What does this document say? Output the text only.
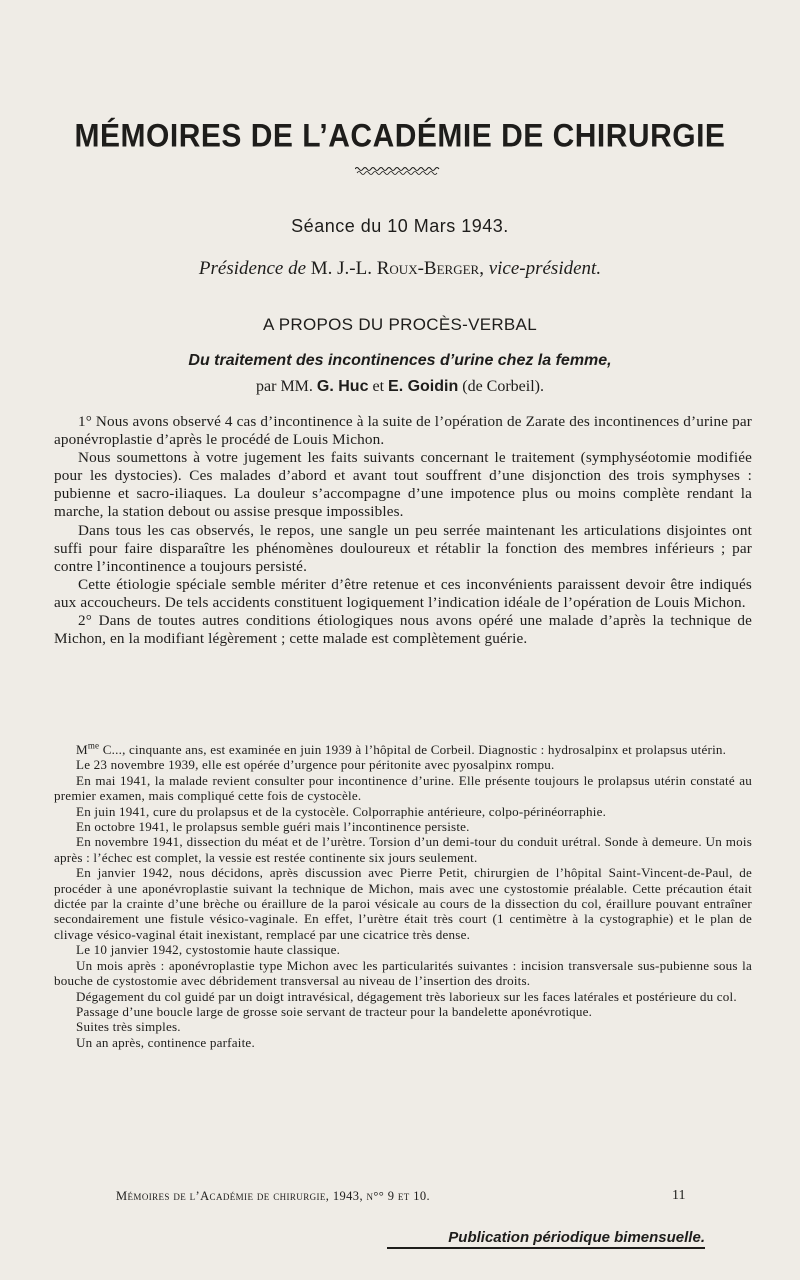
MÉMOIRES DE L’ACADÉMIE DE CHIRURGIE
Séance du 10 Mars 1943.
Présidence de M. J.-L. Roux-Berger, vice-président.
A PROPOS DU PROCÈS-VERBAL
Du traitement des incontinences d’urine chez la femme,
par MM. G. Huc et E. Goidin (de Corbeil).

1° Nous avons observé 4 cas d’incontinence à la suite de l’opération de Zarate des incontinences d’urine par aponévroplastie d’après le procédé de Louis Michon.

Nous soumettons à votre jugement les faits suivants concernant le traitement (symphyséotomie modifiée pour les dystocies). Ces malades d’abord et avant tout souffrent d’une disjonction des trois symphyses : pubienne et sacro-iliaques. La douleur s’accompagne d’une impotence plus ou moins complète rendant la marche, la station debout ou assise presque impossibles.

Dans tous les cas observés, le repos, une sangle un peu serrée maintenant les articulations disjointes ont suffi pour faire disparaître les phénomènes douloureux et rétablir la fonction des membres inférieurs ; par contre l’incontinence a toujours persisté.

Cette étiologie spéciale semble mériter d’être retenue et ces inconvénients paraissent devoir être indiqués aux accoucheurs. De tels accidents constituent logiquement l’indication idéale de l’opération de Louis Michon.

2° Dans de toutes autres conditions étiologiques nous avons opéré une malade d’après la technique de Michon, en la modifiant légèrement ; cette malade est complètement guérie.

$M^{me}$ C..., cinquante ans, est examinée en juin 1939 à l’hôpital de Corbeil. Diagnostic : hydrosalpinx et prolapsus utérin.

Le 23 novembre 1939, elle est opérée d’urgence pour péritonite avec pyosalpinx rompu.

En mai 1941, la malade revient consulter pour incontinence d’urine. Elle présente toujours le prolapsus utérin constaté au premier examen, mais compliqué cette fois de cystocèle.

En juin 1941, cure du prolapsus et de la cystocèle. Colporraphie antérieure, colpo-périnéorraphie.

En octobre 1941, le prolapsus semble guéri mais l’incontinence persiste.

En novembre 1941, dissection du méat et de l’urètre. Torsion d’un demi-tour du conduit urétral. Sonde à demeure. Un mois après : l’échec est complet, la vessie est restée continente six jours seulement.

En janvier 1942, nous décidons, après discussion avec Pierre Petit, chirurgien de l’hôpital Saint-Vincent-de-Paul, de procéder à une aponévroplastie suivant la technique de Michon, mais avec une cystostomie préalable. Cette précaution était dictée par la crainte d’une brèche ou éraillure de la paroi vésicale au cours de la dissection du col, éraillure pouvant entraîner secondairement une fistule vésico-vaginale. En effet, l’urètre était très court (1 centimètre à la cystographie) et le plan de clivage vésico-vaginal était inexistant, remplacé par une cicatrice très dense.

Le 10 janvier 1942, cystostomie haute classique.

Un mois après : aponévroplastie type Michon avec les particularités suivantes : incision transversale sus-pubienne sous la bouche de cystostomie avec débridement transversal au niveau de l’insertion des droits.

Dégagement du col guidé par un doigt intravésical, dégagement très laborieux sur les faces latérales et postérieure du col.

Passage d’une boucle large de grosse soie servant de tracteur pour la bandelette aponévrotique.

Suites très simples.

Un an après, continence parfaite.

Mémoires de l’Académie de chirurgie, 1943, n°° 9 et 10.	11
Publication périodique bimensuelle.
